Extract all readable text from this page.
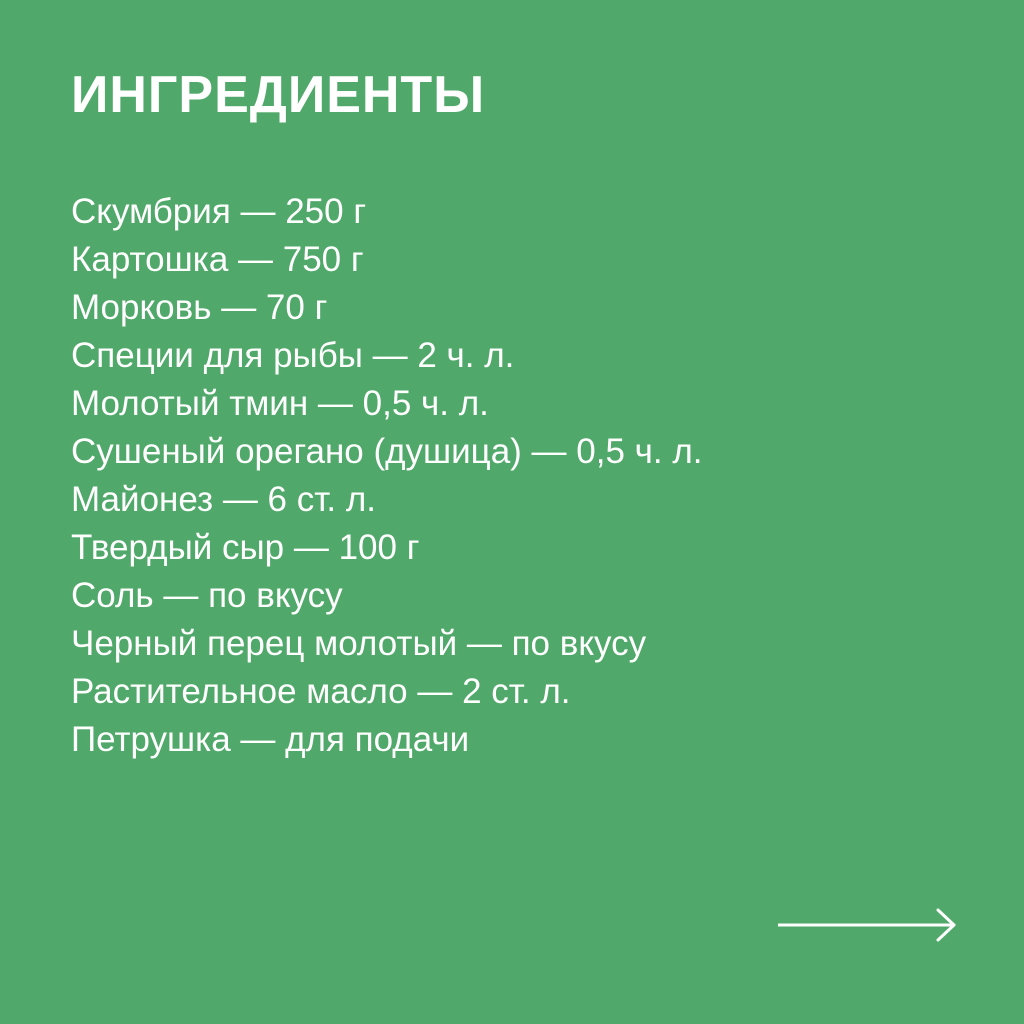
ИНГРЕДИЕНТЫ
Скумбрия — 250 г
Картошка — 750 г
Морковь — 70 г
Специи для рыбы — 2 ч. л.
Молотый тмин — 0,5 ч. л.
Сушеный орегано (душица) — 0,5 ч. л.
Майонез — 6 ст. л.
Твердый сыр — 100 г
Соль — по вкусу
Черный перец молотый — по вкусу
Растительное масло — 2 ст. л.
Петрушка — для подачи
